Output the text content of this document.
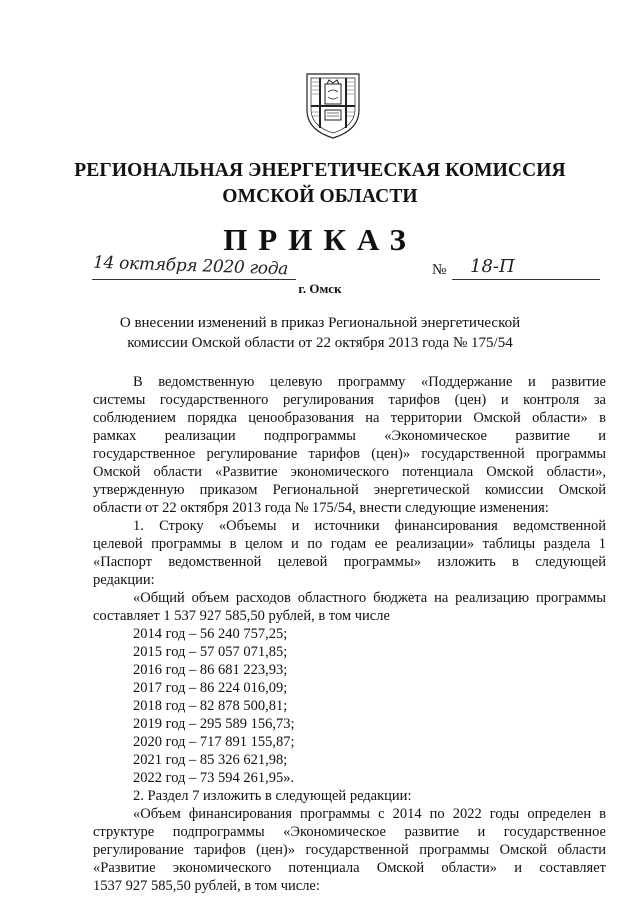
РЕГИОНАЛЬНАЯ ЭНЕРГЕТИЧЕСКАЯ КОМИССИЯ
ОМСКОЙ ОБЛАСТИ
ПРИКАЗ
14 октября 2020 года	№ 18-П
г. Омск
О внесении изменений в приказ Региональной энергетической
комиссии Омской области от 22 октября 2013 года № 175/54
В ведомственную целевую программу «Поддержание и развитие
системы государственного регулирования тарифов (цен) и контроля за
соблюдением порядка ценообразования на территории Омской области» в
рамках реализации подпрограммы «Экономическое развитие и
государственное регулирование тарифов (цен)» государственной программы
Омской области «Развитие экономического потенциала Омской области»,
утвержденную приказом Региональной энергетической комиссии Омской
области от 22 октября 2013 года № 175/54, внести следующие изменения:
1. Строку «Объемы и источники финансирования ведомственной
целевой программы в целом и по годам ее реализации» таблицы раздела 1
«Паспорт ведомственной целевой программы» изложить в следующей
редакции:
«Общий объем расходов областного бюджета на реализацию программы
составляет 1 537 927 585,50 рублей, в том числе
2014 год – 56 240 757,25;
2015 год – 57 057 071,85;
2016 год – 86 681 223,93;
2017 год – 86 224 016,09;
2018 год – 82 878 500,81;
2019 год – 295 589 156,73;
2020 год – 717 891 155,87;
2021 год – 85 326 621,98;
2022 год – 73 594 261,95».
2. Раздел 7 изложить в следующей редакции:
«Объем финансирования программы с 2014 по 2022 годы определен в
структуре подпрограммы «Экономическое развитие и государственное
регулирование тарифов (цен)» государственной программы Омской области
«Развитие экономического потенциала Омской области» и составляет
1537 927 585,50 рублей, в том числе:
